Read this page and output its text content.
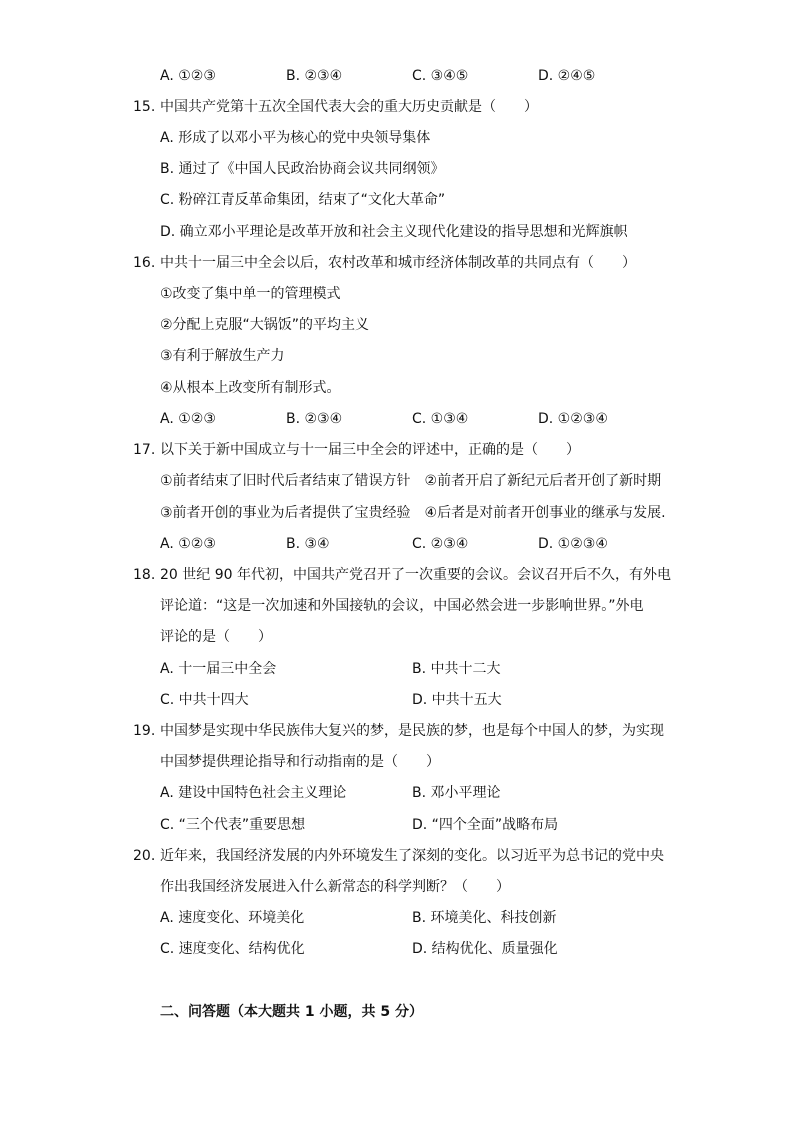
A. ①②③	B. ②③④	C. ③④⑤	D. ②④⑤
15. 中国共产党第十五次全国代表大会的重大历史贡献是（　　）
A. 形成了以邓小平为核心的党中央领导集体
B. 通过了《中国人民政治协商会议共同纲领》
C. 粉碎江青反革命集团，结束了“文化大革命”
D. 确立邓小平理论是改革开放和社会主义现代化建设的指导思想和光辉旗帜
16. 中共十一届三中全会以后，农村改革和城市经济体制改革的共同点有（　　）
①改变了集中单一的管理模式
②分配上克服“大锅饭”的平均主义
③有利于解放生产力
④从根本上改变所有制形式。
A. ①②③	B. ②③④	C. ①③④	D. ①②③④
17. 以下关于新中国成立与十一届三中全会的评述中，正确的是（　　）
①前者结束了旧时代后者结束了错误方针　②前者开启了新纪元后者开创了新时期
③前者开创的事业为后者提供了宝贵经验　④后者是对前者开创事业的继承与发展.
A. ①②③	B. ③④	C. ②③④	D. ①②③④
18. 20 世纪 90 年代初，中国共产党召开了一次重要的会议。会议召开后不久，有外电
评论道：“这是一次加速和外国接轨的会议，中国必然会进一步影响世界。”外电
评论的是（　　）
A. 十一届三中全会	B. 中共十二大
C. 中共十四大	D. 中共十五大
19. 中国梦是实现中华民族伟大复兴的梦，是民族的梦，也是每个中国人的梦，为实现
中国梦提供理论指导和行动指南的是（　　）
A. 建设中国特色社会主义理论	B. 邓小平理论
C. “三个代表”重要思想	D. “四个全面”战略布局
20. 近年来，我国经济发展的内外环境发生了深刻的变化。以习近平为总书记的党中央
作出我国经济发展进入什么新常态的科学判断？（　　）
A. 速度变化、环境美化	B. 环境美化、科技创新
C. 速度变化、结构优化	D. 结构优化、质量强化
二、问答题（本大题共 1 小题，共 5 分）
